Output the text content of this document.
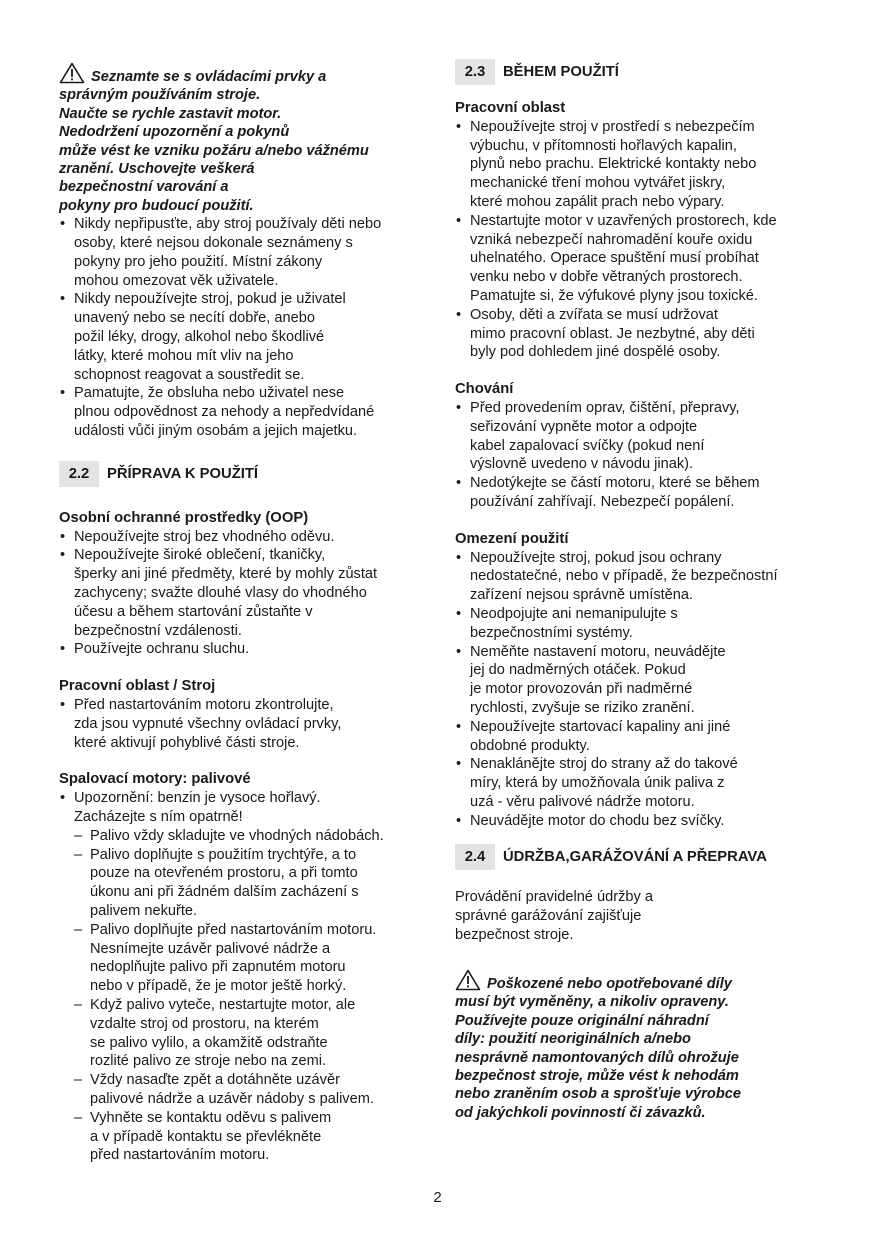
Seznamte se s ovládacími prvky a
správným používáním stroje.
Naučte se rychle zastavit motor.
Nedodržení upozornění a pokynů
může vést ke vzniku požáru a/nebo vážnému
zranění. Uschovejte veškerá
bezpečnostní varování a
pokyny pro budoucí použití.

• Nikdy nepřipusťte, aby stroj používaly děti nebo
osoby, které nejsou dokonale seznámeny s
pokyny pro jeho použití. Místní zákony
mohou omezovat věk uživatele.
• Nikdy nepoužívejte stroj, pokud je uživatel
unavený nebo se necítí dobře, anebo
požil léky, drogy, alkohol nebo škodlivé
látky, které mohou mít vliv na jeho
schopnost reagovat a soustředit se.
• Pamatujte, že obsluha nebo uživatel nese
plnou odpovědnost za nehody a nepředvídané
události vůči jiným osobám a jejich majetku.
2.2	PŘÍPRAVA K POUŽITÍ

Osobní ochranné prostředky (OOP)

• Nepoužívejte stroj bez vhodného oděvu.
• Nepoužívejte široké oblečení, tkaničky,
šperky ani jiné předměty, které by mohly zůstat
zachyceny; svažte dlouhé vlasy do vhodného
účesu a během startování zůstaňte v
bezpečnostní vzdálenosti.
• Používejte ochranu sluchu.

Pracovní oblast / Stroj

• Před nastartováním motoru zkontrolujte,
zda jsou vypnuté všechny ovládací prvky,
které aktivují pohyblivé části stroje.

Spalovací motory: palivové

• Upozornění: benzin je vysoce hořlavý.
Zacházejte s ním opatrně!
– Palivo vždy skladujte ve vhodných nádobách.
– Palivo doplňujte s použitím trychtýře, a to
pouze na otevřeném prostoru, a při tomto
úkonu ani při žádném dalším zacházení s
palivem nekuřte.
– Palivo doplňujte před nastartováním motoru.
Nesnímejte uzávěr palivové nádrže a
nedoplňujte palivo při zapnutém motoru
nebo v případě, že je motor ještě horký.
– Když palivo vyteče, nestartujte motor, ale
vzdalte stroj od prostoru, na kterém
se palivo vylilo, a okamžitě odstraňte
rozlité palivo ze stroje nebo na zemi.
– Vždy nasaďte zpět a dotáhněte uzávěr
palivové nádrže a uzávěr nádoby s palivem.
– Vyhněte se kontaktu oděvu s palivem
a v případě kontaktu se převlékněte
před nastartováním motoru.
2.3	BĚHEM POUŽITÍ

Pracovní oblast

• Nepoužívejte stroj v prostředí s nebezpečím
výbuchu, v přítomnosti hořlavých kapalin,
plynů nebo prachu. Elektrické kontakty nebo
mechanické tření mohou vytvářet jiskry,
které mohou zapálit prach nebo výpary.
• Nestartujte motor v uzavřených prostorech, kde
vzniká nebezpečí nahromadění kouře oxidu
uhelnatého. Operace spuštění musí probíhat
venku nebo v dobře větraných prostorech.
Pamatujte si, že výfukové plyny jsou toxické.
• Osoby, děti a zvířata se musí udržovat
mimo pracovní oblast. Je nezbytné, aby děti
byly pod dohledem jiné dospělé osoby.

Chování

• Před provedením oprav, čištění, přepravy,
seřizování vypněte motor a odpojte
kabel zapalovací svíčky (pokud není
výslovně uvedeno v návodu jinak).
• Nedotýkejte se částí motoru, které se během
používání zahřívají. Nebezpečí popálení.

Omezení použití

• Nepoužívejte stroj, pokud jsou ochrany
nedostatečné, nebo v případě, že bezpečnostní
zařízení nejsou správně umístěna.
• Neodpojujte ani nemanipulujte s
bezpečnostními systémy.
• Neměňte nastavení motoru, neuvádějte
jej do nadměrných otáček. Pokud
je motor provozován při nadměrné
rychlosti, zvyšuje se riziko zranění.
• Nepoužívejte startovací kapaliny ani jiné
obdobné produkty.
• Nenaklánějte stroj do strany až do takové
míry, která by umožňovala únik paliva z
uzá - věru palivové nádrže motoru.
• Neuvádějte motor do chodu bez svíčky.
2.4	ÚDRŽBA,GARÁŽOVÁNÍ A PŘEPRAVA

Provádění pravidelné údržby a
správné garážování zajišťuje
bezpečnost stroje.

Poškozené nebo opotřebované díly
musí být vyměněny, a nikoliv opraveny.
Používejte pouze originální náhradní
díly: použití neoriginálních a/nebo
nesprávně namontovaných dílů ohrožuje
bezpečnost stroje, může vést k nehodám
nebo zraněním osob a sprošťuje výrobce
od jakýchkoli povinností či závazků.

2
